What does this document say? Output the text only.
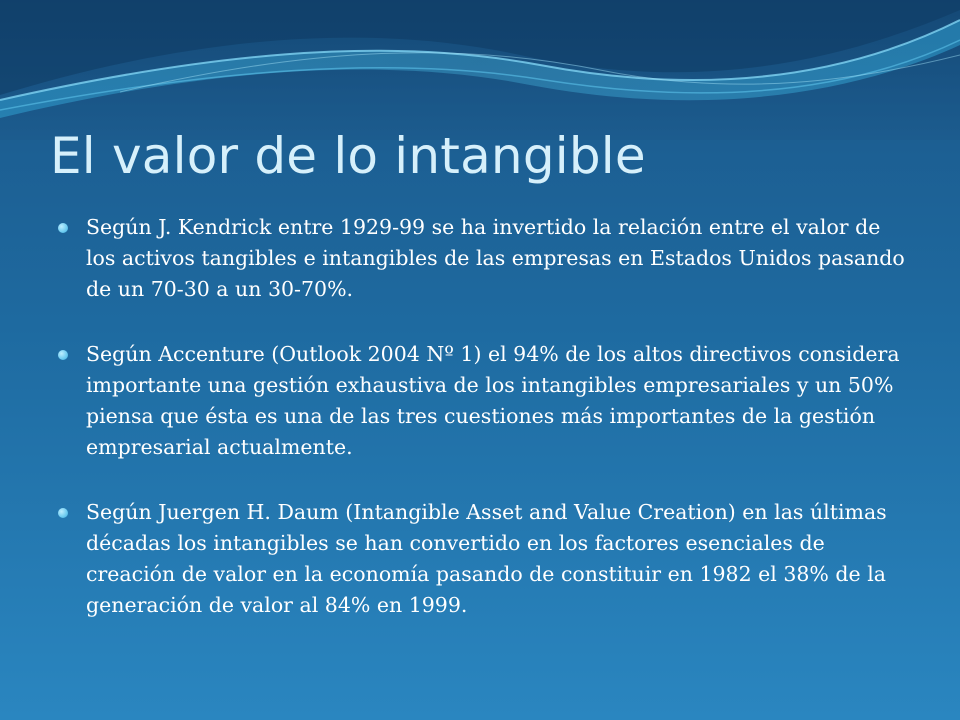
El valor de lo intangible
Según J. Kendrick entre 1929-99 se ha invertido la relación entre el valor de los activos tangibles e intangibles de las empresas en Estados Unidos pasando de un 70-30 a un 30-70%.
Según Accenture (Outlook 2004 Nº 1) el 94% de los altos directivos considera importante una gestión exhaustiva de los intangibles empresariales y un 50% piensa que ésta es una de las tres cuestiones más importantes de la gestión empresarial actualmente.
Según Juergen H. Daum (Intangible Asset and Value Creation) en las últimas décadas los intangibles se han convertido en los factores esenciales de creación de valor en la economía pasando de constituir en 1982 el 38% de la generación de valor al 84% en 1999.
